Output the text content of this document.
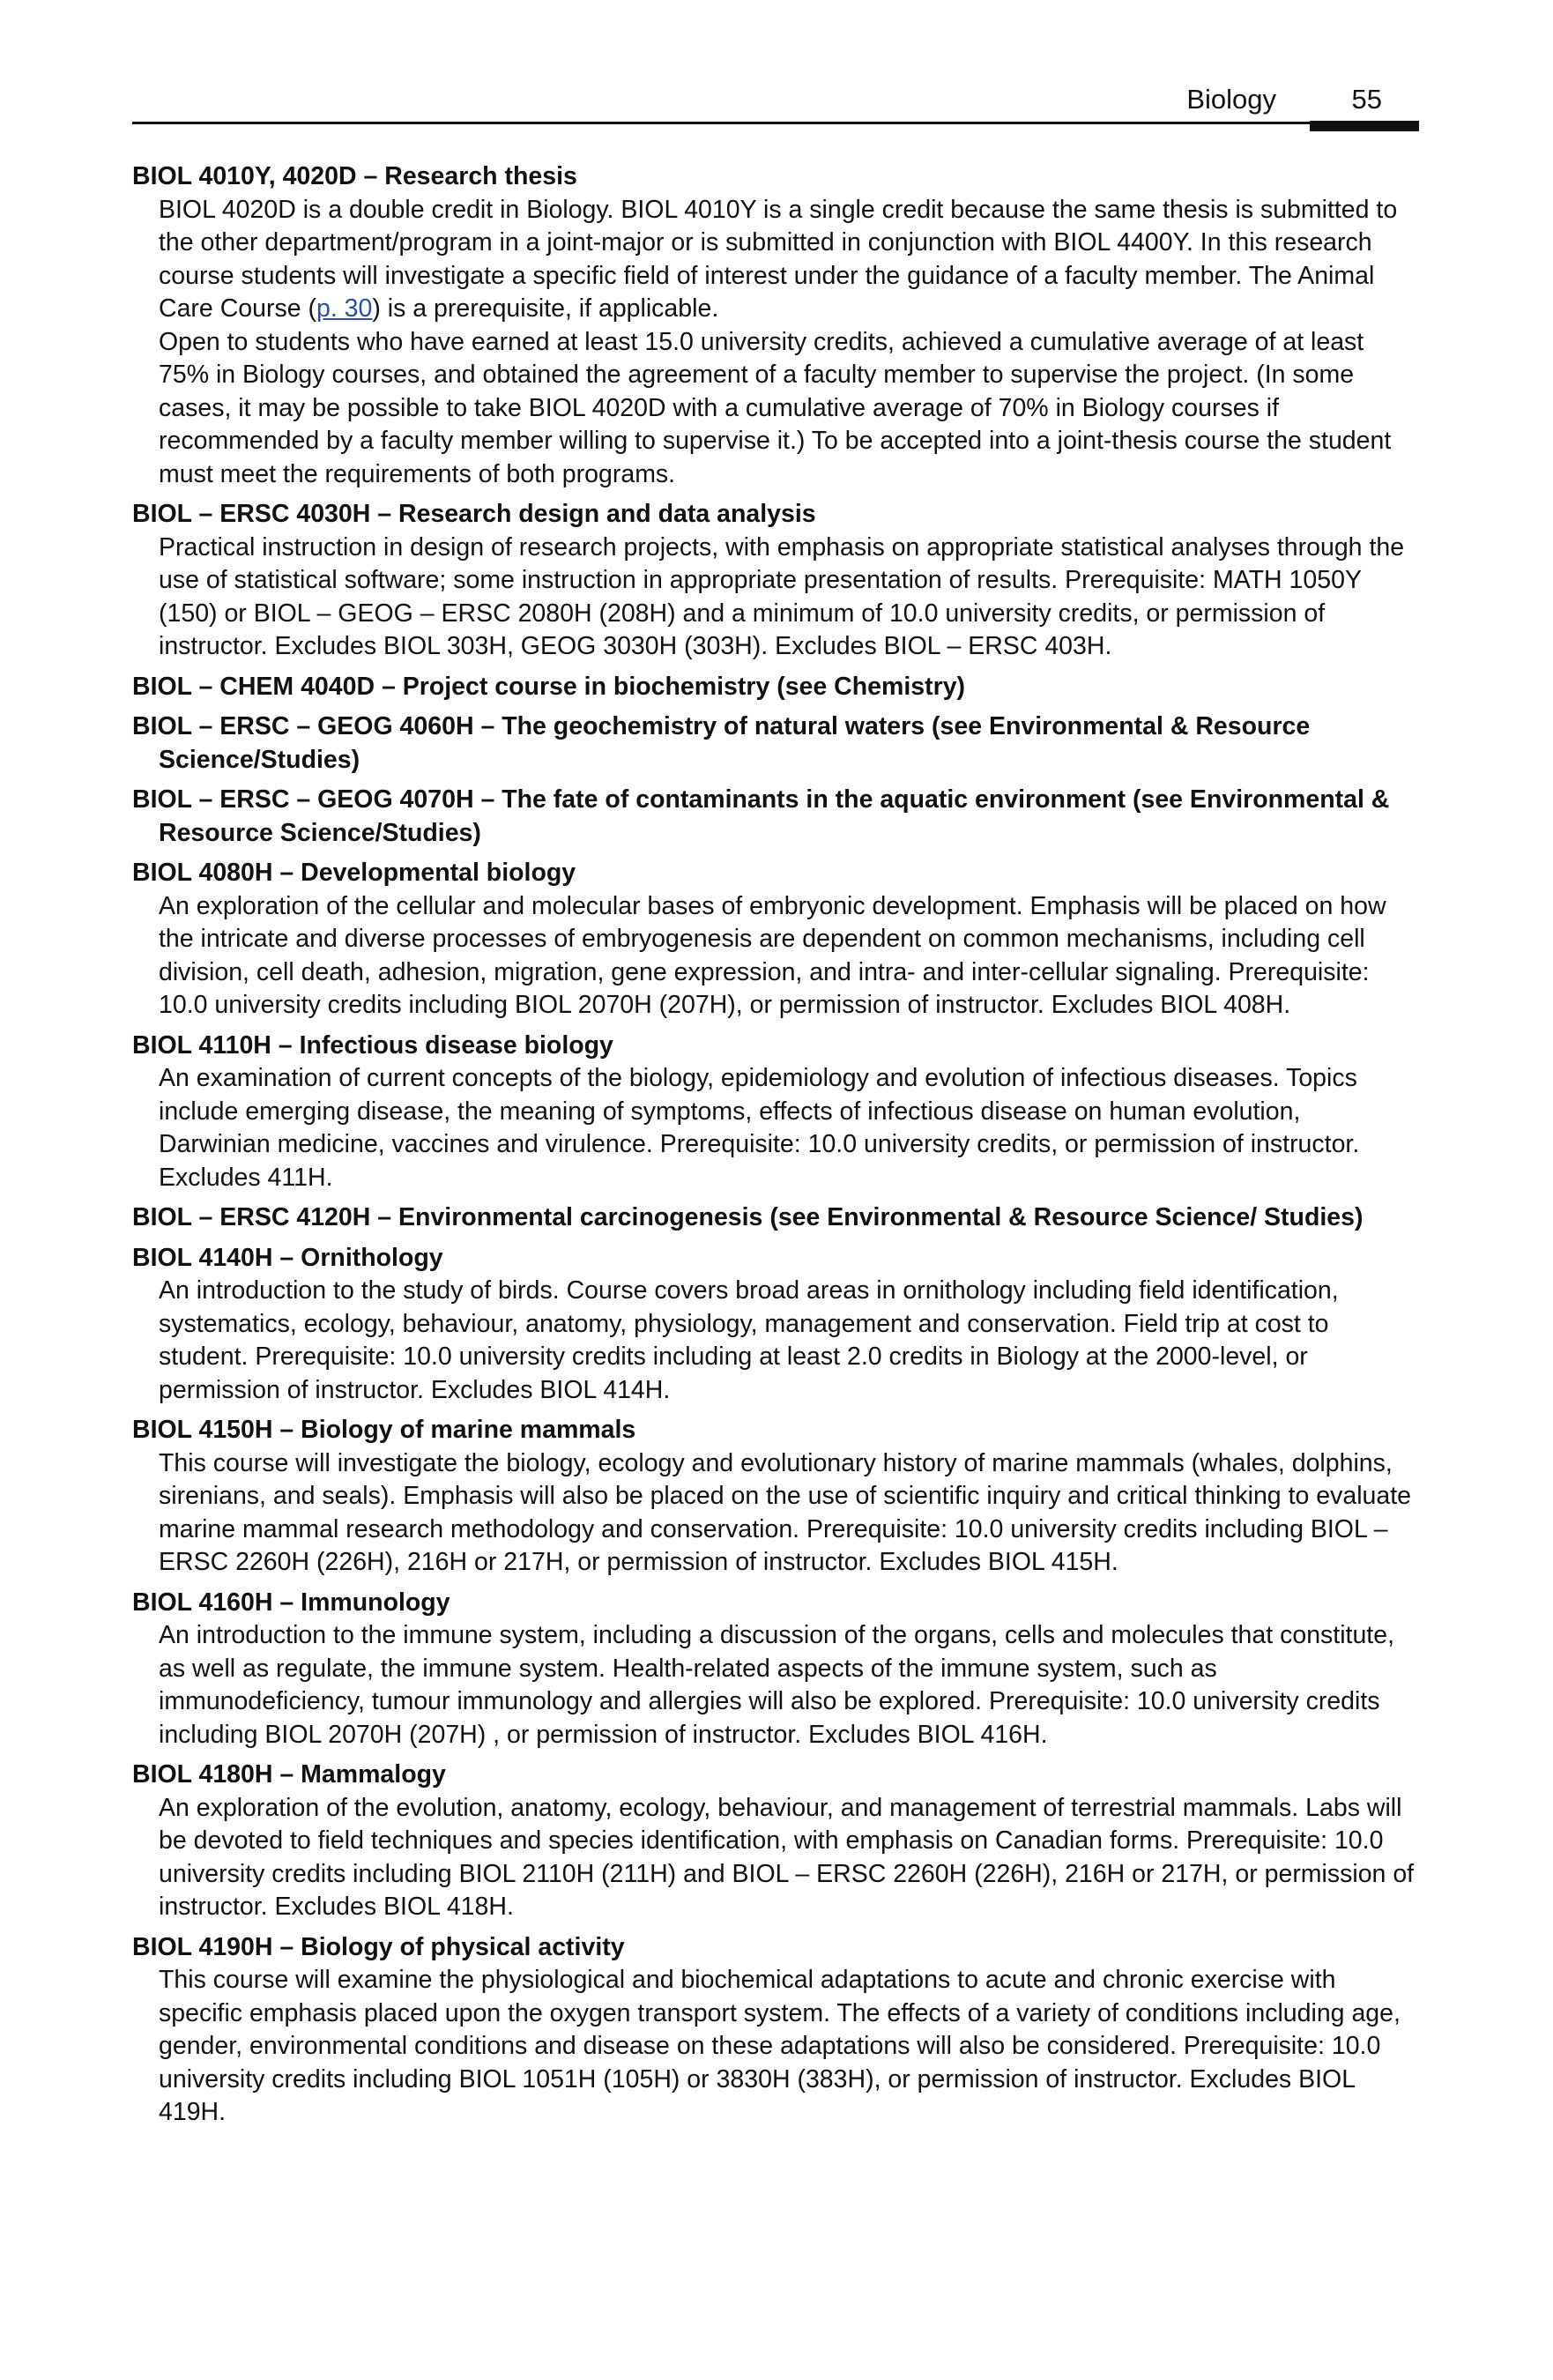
Biology	55
BIOL 4010Y, 4020D – Research thesis

BIOL 4020D is a double credit in Biology. BIOL 4010Y is a single credit because the same thesis is submitted to the other department/program in a joint-major or is submitted in conjunction with BIOL 4400Y. In this research course students will investigate a specific field of interest under the guidance of a faculty member. The Animal Care Course (p. 30) is a prerequisite, if applicable.

Open to students who have earned at least 15.0 university credits, achieved a cumulative average of at least 75% in Biology courses, and obtained the agreement of a faculty member to supervise the project. (In some cases, it may be possible to take BIOL 4020D with a cumulative average of 70% in Biology courses if recommended by a faculty member willing to supervise it.) To be accepted into a joint-thesis course the student must meet the requirements of both programs.

BIOL – ERSC 4030H – Research design and data analysis

Practical instruction in design of research projects, with emphasis on appropriate statistical analyses through the use of statistical software; some instruction in appropriate presentation of results. Prerequisite: MATH 1050Y (150) or BIOL – GEOG – ERSC 2080H (208H) and a minimum of 10.0 university credits, or permission of instructor. Excludes BIOL 303H, GEOG 3030H (303H). Excludes BIOL – ERSC 403H.

BIOL – CHEM 4040D – Project course in biochemistry (see Chemistry)
BIOL – ERSC – GEOG 4060H – The geochemistry of natural waters (see Environmental & Resource Science/Studies)
BIOL – ERSC – GEOG 4070H – The fate of contaminants in the aquatic environment (see Environmental & Resource Science/Studies)
BIOL 4080H – Developmental biology

An exploration of the cellular and molecular bases of embryonic development. Emphasis will be placed on how the intricate and diverse processes of embryogenesis are dependent on common mechanisms, including cell division, cell death, adhesion, migration, gene expression, and intra- and inter-cellular signaling. Prerequisite: 10.0 university credits including BIOL 2070H (207H), or permission of instructor. Excludes BIOL 408H.

BIOL 4110H – Infectious disease biology

An examination of current concepts of the biology, epidemiology and evolution of infectious diseases. Topics include emerging disease, the meaning of symptoms, effects of infectious disease on human evolution, Darwinian medicine, vaccines and virulence. Prerequisite: 10.0 university credits, or permission of instructor. Excludes 411H.

BIOL – ERSC 4120H – Environmental carcinogenesis (see Environmental & Resource Science/ Studies)
BIOL 4140H – Ornithology

An introduction to the study of birds. Course covers broad areas in ornithology including field identification, systematics, ecology, behaviour, anatomy, physiology, management and conservation. Field trip at cost to student. Prerequisite: 10.0 university credits including at least 2.0 credits in Biology at the 2000-level, or permission of instructor. Excludes BIOL 414H.

BIOL 4150H – Biology of marine mammals

This course will investigate the biology, ecology and evolutionary history of marine mammals (whales, dolphins, sirenians, and seals). Emphasis will also be placed on the use of scientific inquiry and critical thinking to evaluate marine mammal research methodology and conservation. Prerequisite: 10.0 university credits including BIOL – ERSC 2260H (226H), 216H or 217H, or permission of instructor. Excludes BIOL 415H.

BIOL 4160H – Immunology

An introduction to the immune system, including a discussion of the organs, cells and molecules that constitute, as well as regulate, the immune system. Health-related aspects of the immune system, such as immunodeficiency, tumour immunology and allergies will also be explored. Prerequisite: 10.0 university credits including BIOL 2070H (207H) , or permission of instructor. Excludes BIOL 416H.

BIOL 4180H – Mammalogy

An exploration of the evolution, anatomy, ecology, behaviour, and management of terrestrial mammals. Labs will be devoted to field techniques and species identification, with emphasis on Canadian forms. Prerequisite: 10.0 university credits including BIOL 2110H (211H) and BIOL – ERSC 2260H (226H), 216H or 217H, or permission of instructor. Excludes BIOL 418H.

BIOL 4190H – Biology of physical activity

This course will examine the physiological and biochemical adaptations to acute and chronic exercise with specific emphasis placed upon the oxygen transport system. The effects of a variety of conditions including age, gender, environmental conditions and disease on these adaptations will also be considered. Prerequisite: 10.0 university credits including BIOL 1051H (105H) or 3830H (383H), or permission of instructor. Excludes BIOL 419H.
